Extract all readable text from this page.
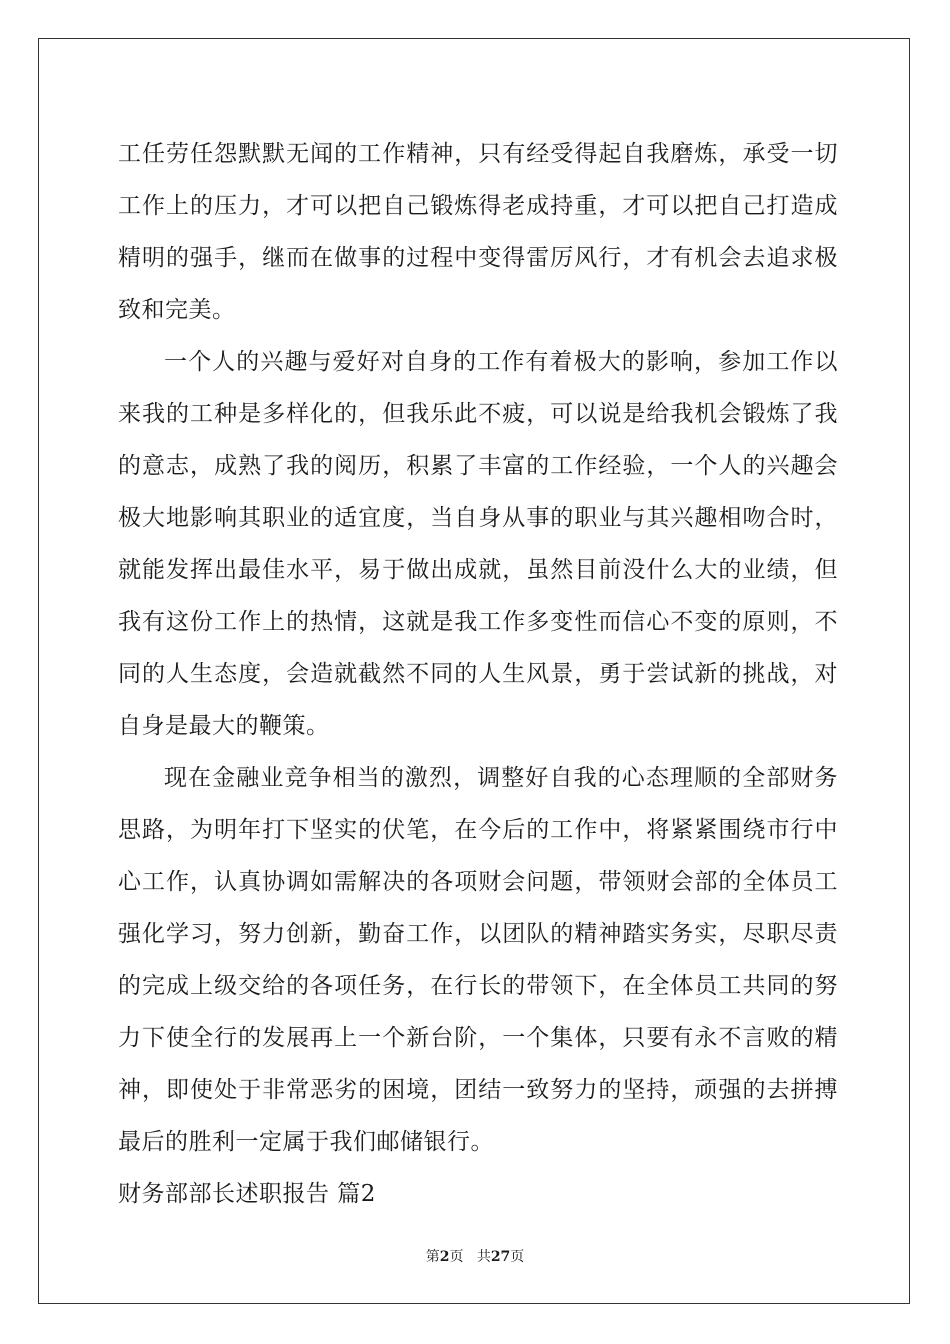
工任劳任怨默默无闻的工作精神，只有经受得起自我磨炼，承受一切
工作上的压力，才可以把自己锻炼得老成持重，才可以把自己打造成
精明的强手，继而在做事的过程中变得雷厉风行，才有机会去追求极
致和完美。
一个人的兴趣与爱好对自身的工作有着极大的影响，参加工作以
来我的工种是多样化的，但我乐此不疲，可以说是给我机会锻炼了我
的意志，成熟了我的阅历，积累了丰富的工作经验，一个人的兴趣会
极大地影响其职业的适宜度，当自身从事的职业与其兴趣相吻合时，
就能发挥出最佳水平，易于做出成就，虽然目前没什么大的业绩，但
我有这份工作上的热情，这就是我工作多变性而信心不变的原则，不
同的人生态度，会造就截然不同的人生风景，勇于尝试新的挑战，对
自身是最大的鞭策。
现在金融业竞争相当的激烈，调整好自我的心态理顺的全部财务
思路，为明年打下坚实的伏笔，在今后的工作中，将紧紧围绕市行中
心工作，认真协调如需解决的各项财会问题，带领财会部的全体员工
强化学习，努力创新，勤奋工作，以团队的精神踏实务实，尽职尽责
的完成上级交给的各项任务，在行长的带领下，在全体员工共同的努
力下使全行的发展再上一个新台阶，一个集体，只要有永不言败的精
神，即使处于非常恶劣的困境，团结一致努力的坚持，顽强的去拼搏
最后的胜利一定属于我们邮储银行。
财务部部长述职报告 篇2
第2页 共27页
